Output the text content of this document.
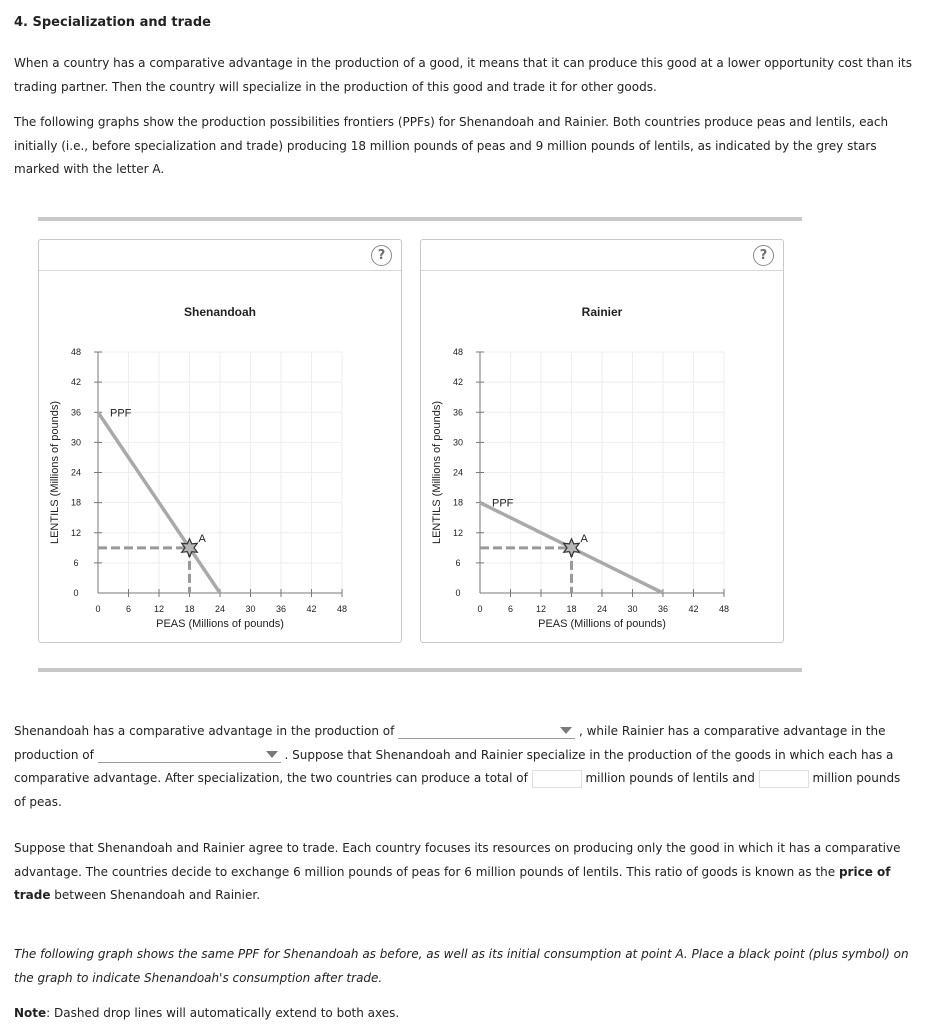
4. Specialization and trade
When a country has a comparative advantage in the production of a good, it means that it can produce this good at a lower opportunity cost than its trading partner. Then the country will specialize in the production of this good and trade it for other goods.
The following graphs show the production possibilities frontiers (PPFs) for Shenandoah and Rainier. Both countries produce peas and lentils, each initially (i.e., before specialization and trade) producing 18 million pounds of peas and 9 million pounds of lentils, as indicated by the grey stars marked with the letter A.
?
Shenandoah
0	6	12 18 24 30 36 42 48
0
6
12
18
24
30
36
42
48
PEAS (Millions of pounds)
LENTILS (Millions of pounds)	PPF
A
?
Rainier
0	6	12 18 24 30 36 42 48
0
6
12
18
24
30
36
42
48
PEAS (Millions of pounds)
LENTILS (Millions of pounds)	PPF
A
Shenandoah has a comparative advantage in the production of	, while Rainier has a comparative advantage in the production of	. Suppose that Shenandoah and Rainier specialize in the production of the goods in which each has a comparative advantage. After specialization, the two countries can produce a total of	million pounds of lentils and	million pounds of peas.
Suppose that Shenandoah and Rainier agree to trade. Each country focuses its resources on producing only the good in which it has a comparative advantage. The countries decide to exchange 6 million pounds of peas for 6 million pounds of lentils. This ratio of goods is known as the price of trade between Shenandoah and Rainier.
The following graph shows the same PPF for Shenandoah as before, as well as its initial consumption at point A. Place a black point (plus symbol) on the graph to indicate Shenandoah's consumption after trade.
Note: Dashed drop lines will automatically extend to both axes.
